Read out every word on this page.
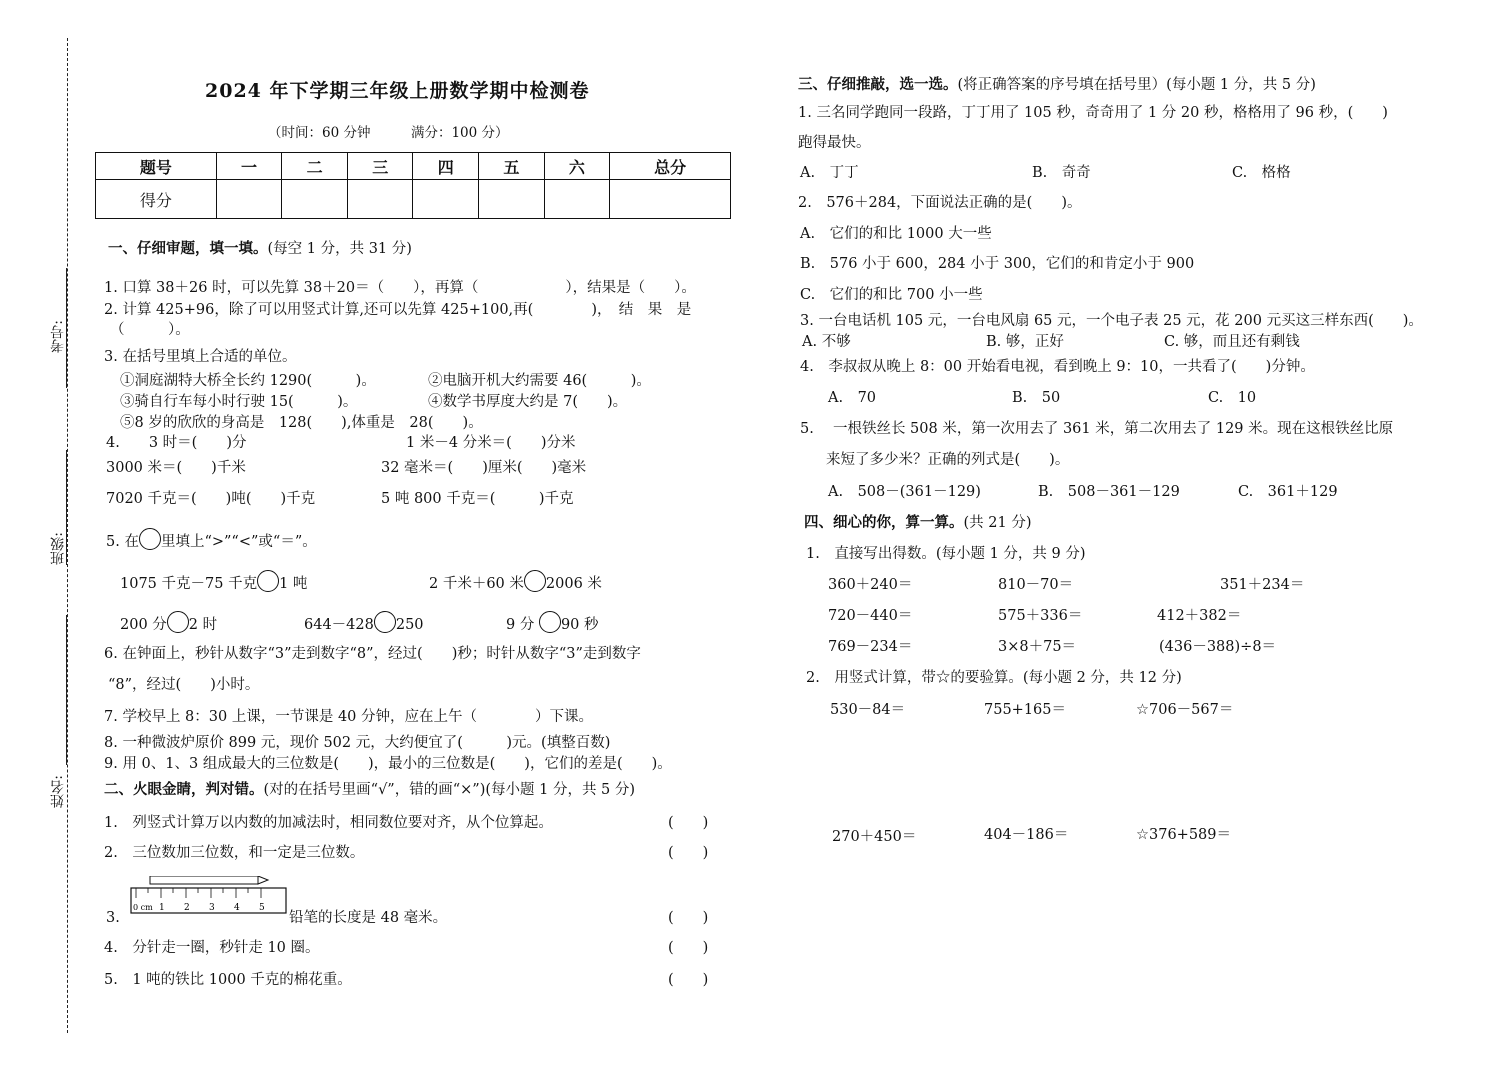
考号:
班级:
姓名:
2024 年下学期三年级上册数学期中检测卷
（时间：60 分钟　　　满分：100 分）
题号	一	二	三	四	五	六	总分
得分							
一、仔细审题，填一填。(每空 1 分，共 31 分)
1. 口算 38＋26 时，可以先算 38＋20＝（　　），再算（　　　　　　），结果是（　　）。
2. 计算 425+96，除了可以用竖式计算,还可以先算 425+100,再(　　　　)，　结　果　是
（　　　）。
3. 在括号里填上合适的单位。
①洞庭湖特大桥全长约 1290(　　　)。	②电脑开机大约需要 46(　　　)。
③骑自行车每小时行驶 15(　　　)。	④数学书厚度大约是 7(　　)。
⑤8 岁的欣欣的身高是　128(　　),体重是　28(　　)。
4.　　3 时＝(　　)分	1 米－4 分米＝(　　)分米
3000 米＝(　　)千米	32 毫米＝(　　)厘米(　　)毫米
7020 千克＝(　　)吨(　　)千克	5 吨 800 千克＝(　　　)千克
5. 在 里填上“>”“<”或“＝”。
1075 千克－75 千克 1 吨	2 千米＋60 米 2006 米
200 分 2 时	644－428 250	9 分 90 秒
6. 在钟面上，秒针从数字“3”走到数字“8”，经过(　　)秒；时针从数字“3”走到数字
“8”，经过(　　)小时。
7. 学校早上 8：30 上课，一节课是 40 分钟，应在上午（　　　　）下课。
8. 一种微波炉原价 899 元，现价 502 元，大约便宜了(　　　)元。(填整百数)
9. 用 0、1、3 组成最大的三位数是(　　)，最小的三位数是(　　)，它们的差是(　　)。
二、火眼金睛，判对错。(对的在括号里画“√”，错的画“×”)(每小题 1 分，共 5 分)
1.　列竖式计算万以内数的加减法时，相同数位要对齐，从个位算起。
2.　三位数加三位数，和一定是三位数。
3.
0 cm 1 2 3 4 5
铅笔的长度是 48 毫米。
4.　分针走一圈，秒针走 10 圈。
5.　1 吨的铁比 1000 千克的棉花重。
(　　)
(　　)
(　　)
(　　)
(　　)
三、仔细推敲，选一选。(将正确答案的序号填在括号里）(每小题 1 分，共 5 分)
1. 三名同学跑同一段路，丁丁用了 105 秒，奇奇用了 1 分 20 秒，格格用了 96 秒，(　　)
跑得最快。
A.　丁丁	B.　奇奇	C.　格格
2.　576＋284，下面说法正确的是(　　)。
A.　它们的和比 1000 大一些
B.　576 小于 600，284 小于 300，它们的和肯定小于 900
C.　它们的和比 700 小一些
3. 一台电话机 105 元，一台电风扇 65 元，一个电子表 25 元，花 200 元买这三样东西(　　)。
A. 不够	B. 够，正好	C. 够，而且还有剩钱
4.　李叔叔从晚上 8：00 开始看电视，看到晚上 9：10，一共看了(　　)分钟。
A.　70	B.　50	C.　10
5.　 一根铁丝长 508 米，第一次用去了 361 米，第二次用去了 129 米。现在这根铁丝比原
来短了多少米？正确的列式是(　　)。
A.　508－(361－129)	B.　508－361－129	C.　361＋129
四、细心的你，算一算。(共 21 分)
1.　直接写出得数。(每小题 1 分，共 9 分)
360＋240＝	810－70＝	351＋234＝
720－440＝	575＋336＝	412＋382＝
769－234＝	3×8＋75＝	(436－388)÷8＝
2.　用竖式计算，带☆的要验算。(每小题 2 分，共 12 分)
530－84＝	755+165＝	☆706－567＝
270＋450＝	404－186＝	☆376+589＝
